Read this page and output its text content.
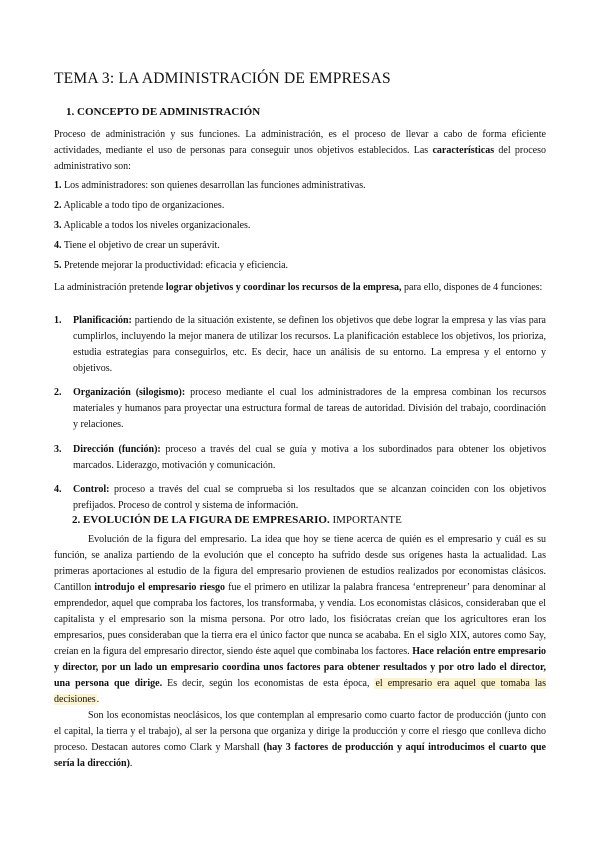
TEMA 3: LA ADMINISTRACIÓN DE EMPRESAS
1. CONCEPTO DE ADMINISTRACIÓN

Proceso de administración y sus funciones. La administración, es el proceso de llevar a cabo de forma eficiente actividades, mediante el uso de personas para conseguir unos objetivos establecidos. Las características del proceso administrativo son:

1. Los administradores: son quienes desarrollan las funciones administrativas.

2. Aplicable a todo tipo de organizaciones.

3. Aplicable a todos los niveles organizacionales.

4. Tiene el objetivo de crear un superávit.

5. Pretende mejorar la productividad: eficacia y eficiencia.

La administración pretende lograr objetivos y coordinar los recursos de la empresa, para ello, dispones de 4 funciones:

1. Planificación: partiendo de la situación existente, se definen los objetivos que debe lograr la empresa y las vías para cumplirlos, incluyendo la mejor manera de utilizar los recursos. La planificación establece los objetivos, los prioriza, estudia estrategias para conseguirlos, etc. Es decir, hace un análisis de su entorno. La empresa y el entorno y objetivos.
2. Organización (silogismo): proceso mediante el cual los administradores de la empresa combinan los recursos materiales y humanos para proyectar una estructura formal de tareas de autoridad. División del trabajo, coordinación y relaciones.
3. Dirección (función): proceso a través del cual se guía y motiva a los subordinados para obtener los objetivos marcados. Liderazgo, motivación y comunicación.
4. Control: proceso a través del cual se comprueba si los resultados que se alcanzan coinciden con los objetivos prefijados. Proceso de control y sistema de información.
2. EVOLUCIÓN DE LA FIGURA DE EMPRESARIO. IMPORTANTE

Evolución de la figura del empresario. La idea que hoy se tiene acerca de quién es el empresario y cuál es su función, se analiza partiendo de la evolución que el concepto ha sufrido desde sus orígenes hasta la actualidad. Las primeras aportaciones al estudio de la figura del empresario provienen de estudios realizados por economistas clásicos. Cantillon introdujo el empresario riesgo fue el primero en utilizar la palabra francesa ‘entrepreneur’ para denominar al emprendedor, aquel que compraba los factores, los transformaba, y vendía. Los economistas clásicos, consideraban que el capitalista y el empresario son la misma persona. Por otro lado, los fisiócratas creían que los agricultores eran los empresarios, pues consideraban que la tierra era el único factor que nunca se acababa. En el siglo XIX, autores como Say, creían en la figura del empresario director, siendo éste aquel que combinaba los factores. Hace relación entre empresario y director, por un lado un empresario coordina unos factores para obtener resultados y por otro lado el director, una persona que dirige. Es decir, según los economistas de esta época, el empresario era aquel que tomaba las decisiones.

Son los economistas neoclásicos, los que contemplan al empresario como cuarto factor de producción (junto con el capital, la tierra y el trabajo), al ser la persona que organiza y dirige la producción y corre el riesgo que conlleva dicho proceso. Destacan autores como Clark y Marshall (hay 3 factores de producción y aquí introducimos el cuarto que sería la dirección).
